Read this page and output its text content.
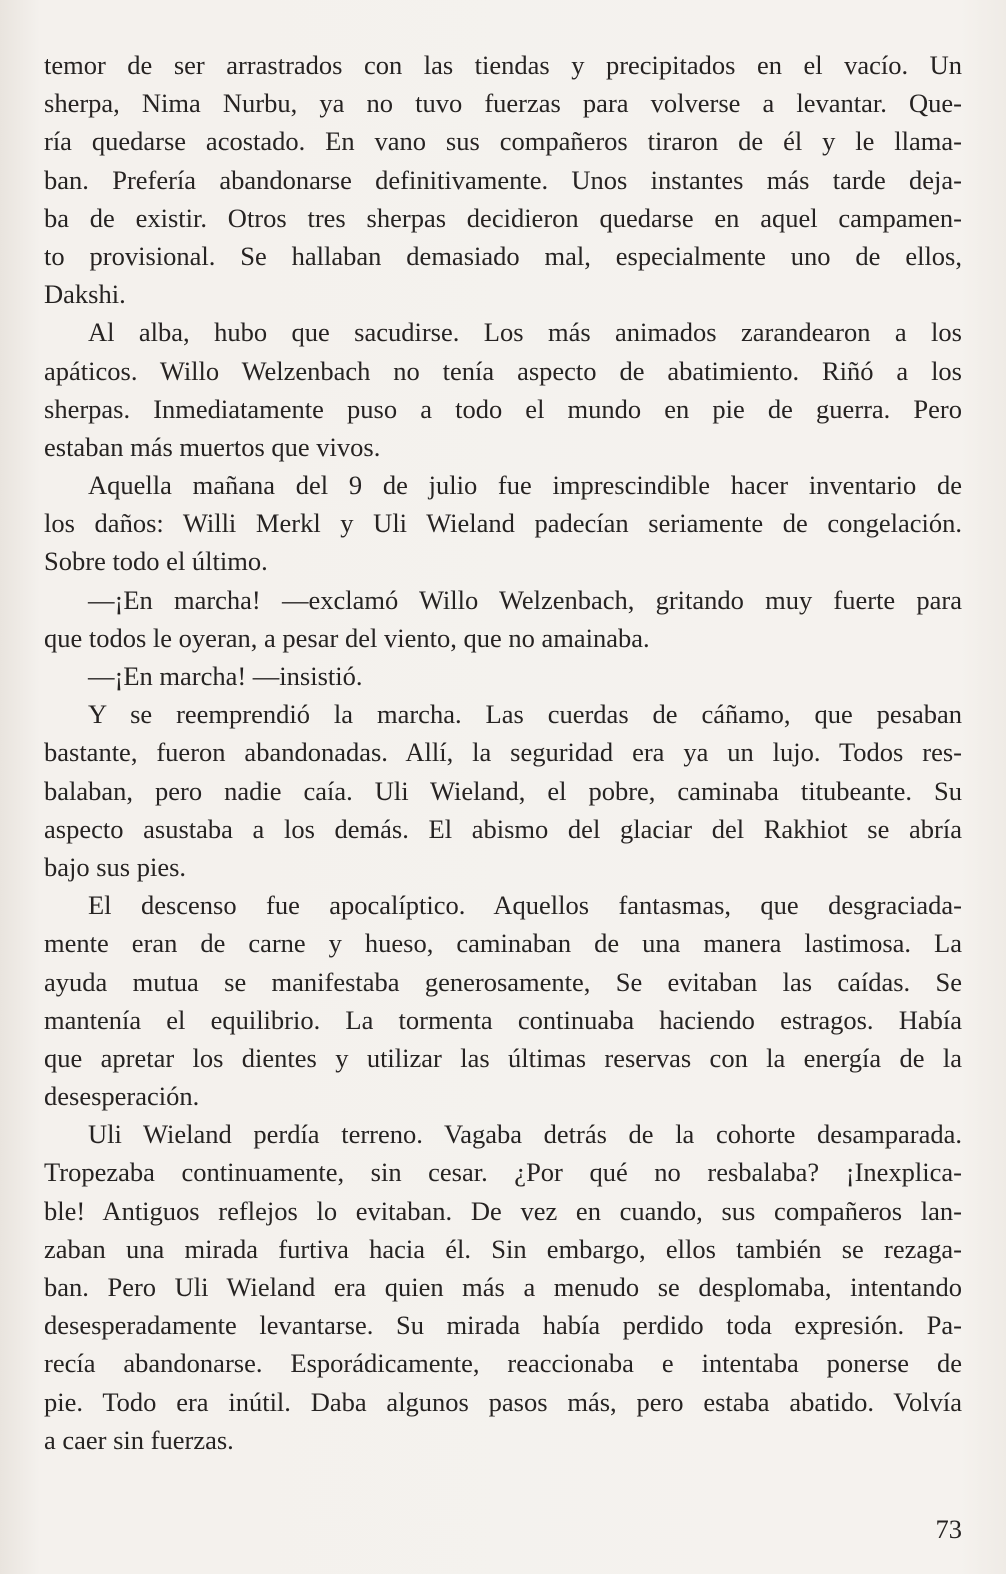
temor de ser arrastrados con las tiendas y precipitados en el vacío. Un
sherpa, Nima Nurbu, ya no tuvo fuerzas para volverse a levantar. Que-
ría quedarse acostado. En vano sus compañeros tiraron de él y le llama-
ban. Prefería abandonarse definitivamente. Unos instantes más tarde deja-
ba de existir. Otros tres sherpas decidieron quedarse en aquel campamen-
to provisional. Se hallaban demasiado mal, especialmente uno de ellos,
Dakshi.
Al alba, hubo que sacudirse. Los más animados zarandearon a los
apáticos. Willo Welzenbach no tenía aspecto de abatimiento. Riñó a los
sherpas. Inmediatamente puso a todo el mundo en pie de guerra. Pero
estaban más muertos que vivos.
Aquella mañana del 9 de julio fue imprescindible hacer inventario de
los daños: Willi Merkl y Uli Wieland padecían seriamente de congelación.
Sobre todo el último.
—¡En marcha! —exclamó Willo Welzenbach, gritando muy fuerte para
que todos le oyeran, a pesar del viento, que no amainaba.
—¡En marcha! —insistió.
Y se reemprendió la marcha. Las cuerdas de cáñamo, que pesaban
bastante, fueron abandonadas. Allí, la seguridad era ya un lujo. Todos res-
balaban, pero nadie caía. Uli Wieland, el pobre, caminaba titubeante. Su
aspecto asustaba a los demás. El abismo del glaciar del Rakhiot se abría
bajo sus pies.
El descenso fue apocalíptico. Aquellos fantasmas, que desgraciada-
mente eran de carne y hueso, caminaban de una manera lastimosa. La
ayuda mutua se manifestaba generosamente, Se evitaban las caídas. Se
mantenía el equilibrio. La tormenta continuaba haciendo estragos. Había
que apretar los dientes y utilizar las últimas reservas con la energía de la
desesperación.
Uli Wieland perdía terreno. Vagaba detrás de la cohorte desamparada.
Tropezaba continuamente, sin cesar. ¿Por qué no resbalaba? ¡Inexplica-
ble! Antiguos reflejos lo evitaban. De vez en cuando, sus compañeros lan-
zaban una mirada furtiva hacia él. Sin embargo, ellos también se rezaga-
ban. Pero Uli Wieland era quien más a menudo se desplomaba, intentando
desesperadamente levantarse. Su mirada había perdido toda expresión. Pa-
recía abandonarse. Esporádicamente, reaccionaba e intentaba ponerse de
pie. Todo era inútil. Daba algunos pasos más, pero estaba abatido. Volvía
a caer sin fuerzas.
73
